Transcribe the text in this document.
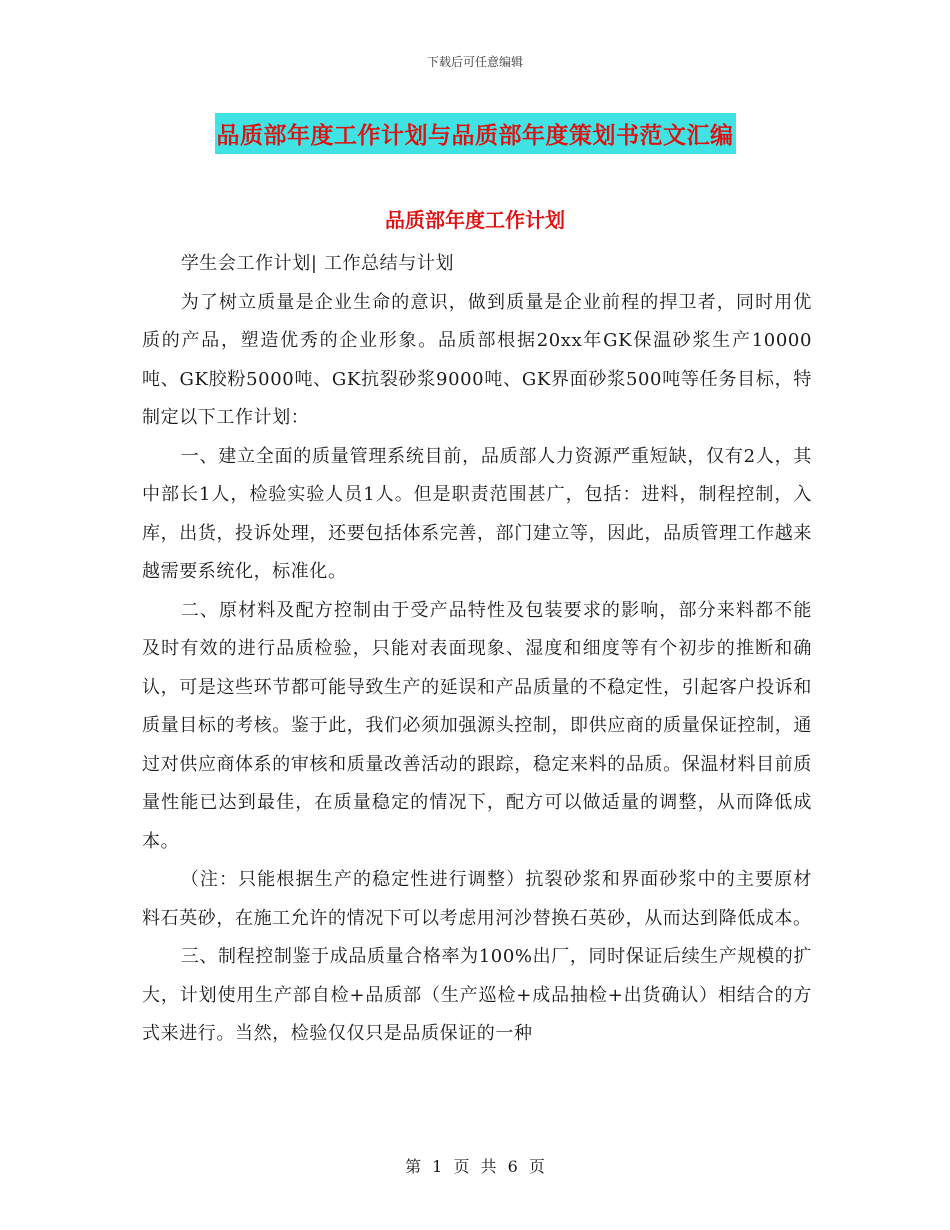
下载后可任意编辑
品质部年度工作计划与品质部年度策划书范文汇编
品质部年度工作计划

学生会工作计划| 工作总结与计划

为了树立质量是企业生命的意识，做到质量是企业前程的捍卫者，同时用优质的产品，塑造优秀的企业形象。品质部根据20xx年GK保温砂浆生产10000吨、GK胶粉5000吨、GK抗裂砂浆9000吨、GK界面砂浆500吨等任务目标，特制定以下工作计划：

一、建立全面的质量管理系统目前，品质部人力资源严重短缺，仅有2人，其中部长1人，检验实验人员1人。但是职责范围甚广，包括：进料，制程控制，入库，出货，投诉处理，还要包括体系完善，部门建立等，因此，品质管理工作越来越需要系统化，标准化。

二、原材料及配方控制由于受产品特性及包装要求的影响，部分来料都不能及时有效的进行品质检验，只能对表面现象、湿度和细度等有个初步的推断和确认，可是这些环节都可能导致生产的延误和产品质量的不稳定性，引起客户投诉和质量目标的考核。鉴于此，我们必须加强源头控制，即供应商的质量保证控制，通过对供应商体系的审核和质量改善活动的跟踪，稳定来料的品质。保温材料目前质量性能已达到最佳，在质量稳定的情况下，配方可以做适量的调整，从而降低成本。

（注：只能根据生产的稳定性进行调整）抗裂砂浆和界面砂浆中的主要原材料石英砂，在施工允许的情况下可以考虑用河沙替换石英砂，从而达到降低成本。

三、制程控制鉴于成品质量合格率为100%出厂，同时保证后续生产规模的扩大，计划使用生产部自检+品质部（生产巡检+成品抽检+出货确认）相结合的方式来进行。当然，检验仅仅只是品质保证的一种

第 1 页 共 6 页
